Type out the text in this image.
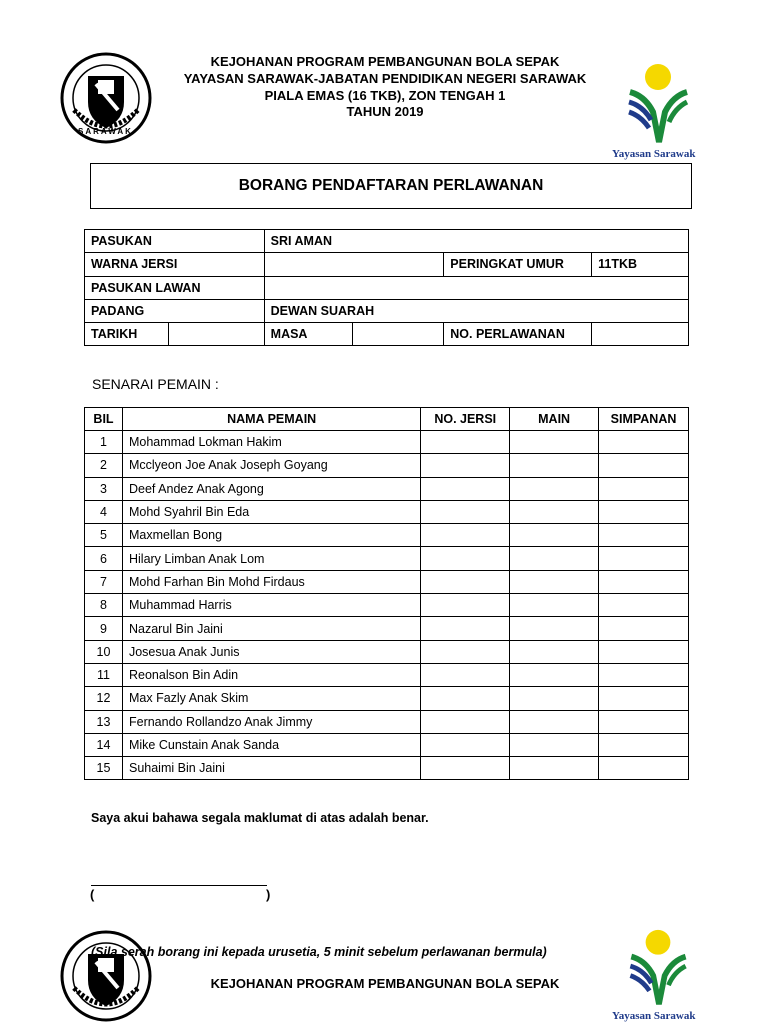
SARAWAK
Yayasan Sarawak
KEJOHANAN PROGRAM PEMBANGUNAN BOLA SEPAK
YAYASAN SARAWAK-JABATAN PENDIDIKAN NEGERI SARAWAK
PIALA EMAS (16 TKB), ZON TENGAH 1
TAHUN 2019
BORANG PENDAFTARAN PERLAWANAN
PASUKAN		SRI AMAN			
WARNA JERSI				PERINGKAT UMUR	11TKB
PASUKAN LAWAN					
PADANG		DEWAN SUARAH			
TARIKH		MASA		NO. PERLAWANAN	
SENARAI PEMAIN :
BIL	NAMA PEMAIN	NO. JERSI	MAIN	SIMPANAN
1	Mohammad Lokman Hakim			
2	Mcclyeon Joe Anak Joseph Goyang			
3	Deef Andez Anak Agong			
4	Mohd Syahril Bin Eda			
5	Maxmellan Bong			
6	Hilary Limban Anak Lom			
7	Mohd Farhan Bin Mohd Firdaus			
8	Muhammad Harris			
9	Nazarul Bin Jaini			
10	Josesua Anak Junis			
11	Reonalson Bin Adin			
12	Max Fazly Anak Skim			
13	Fernando Rollandzo Anak Jimmy			
14	Mike Cunstain Anak Sanda			
15	Suhaimi Bin Jaini			
Saya akui bahawa segala maklumat di atas adalah benar.
(	)
(Sila serah borang ini kepada urusetia, 5 minit sebelum perlawanan bermula)
KEJOHANAN PROGRAM PEMBANGUNAN BOLA SEPAK
Yayasan Sarawak
